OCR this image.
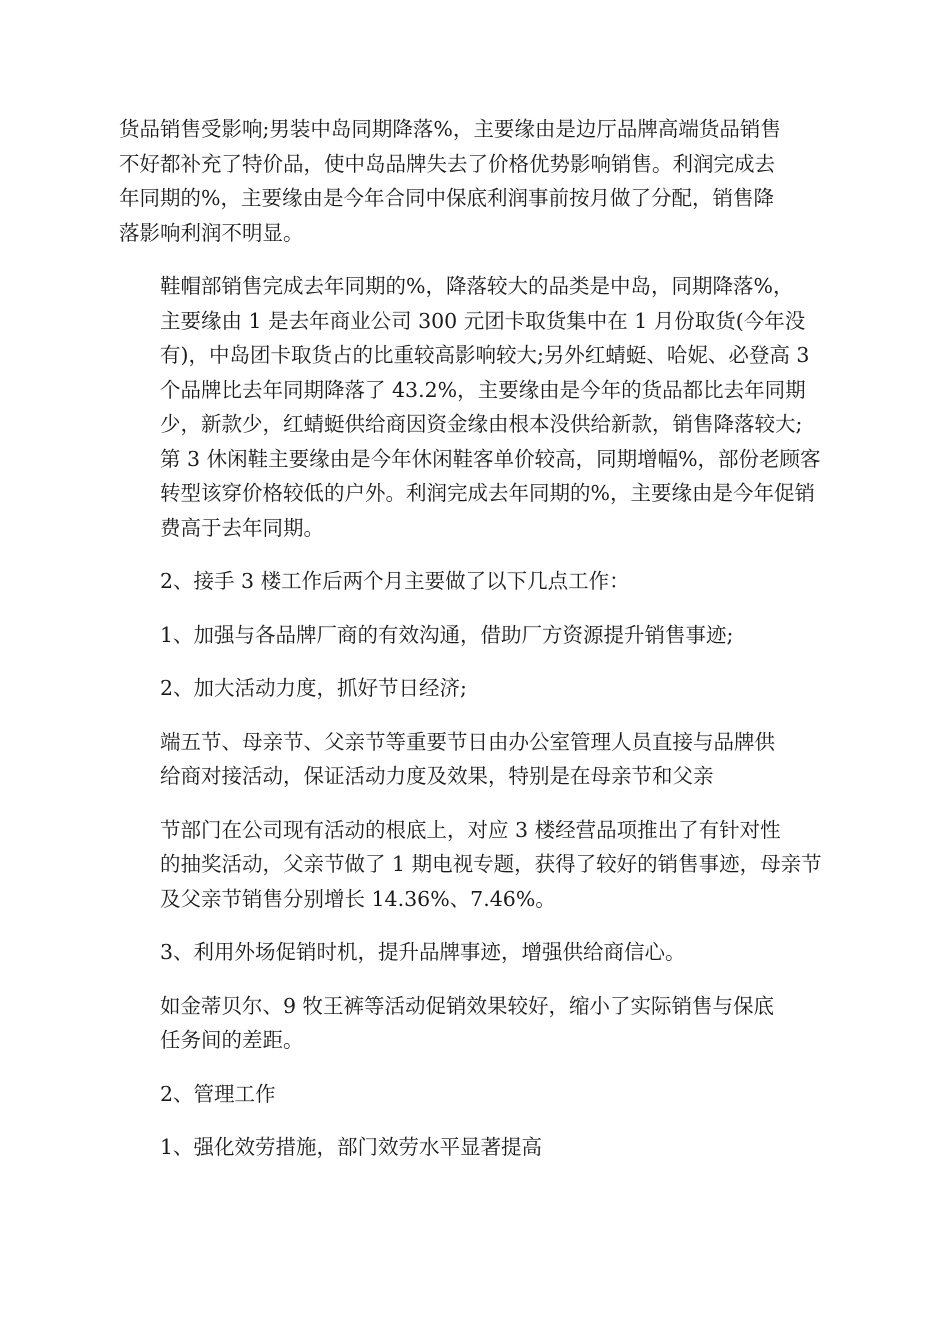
货品销售受影响;男装中岛同期降落%，主要缘由是边厅品牌高端货品销售
不好都补充了特价品，使中岛品牌失去了价格优势影响销售。利润完成去
年同期的%，主要缘由是今年合同中保底利润事前按月做了分配，销售降
落影响利润不明显。

鞋帽部销售完成去年同期的%，降落较大的品类是中岛，同期降落%，
主要缘由 1 是去年商业公司 300 元团卡取货集中在 1 月份取货(今年没
有)，中岛团卡取货占的比重较高影响较大;另外红蜻蜓、哈妮、必登高 3
个品牌比去年同期降落了 43.2%，主要缘由是今年的货品都比去年同期
少，新款少，红蜻蜓供给商因资金缘由根本没供给新款，销售降落较大;
第 3 休闲鞋主要缘由是今年休闲鞋客单价较高，同期增幅%，部份老顾客
转型该穿价格较低的户外。利润完成去年同期的%，主要缘由是今年促销
费高于去年同期。

2、接手 3 楼工作后两个月主要做了以下几点工作：

1、加强与各品牌厂商的有效沟通，借助厂方资源提升销售事迹;

2、加大活动力度，抓好节日经济;

端五节、母亲节、父亲节等重要节日由办公室管理人员直接与品牌供
给商对接活动，保证活动力度及效果，特别是在母亲节和父亲

节部门在公司现有活动的根底上，对应 3 楼经营品项推出了有针对性
的抽奖活动，父亲节做了 1 期电视专题，获得了较好的销售事迹，母亲节
及父亲节销售分别增长 14.36%、7.46%。

3、利用外场促销时机，提升品牌事迹，增强供给商信心。

如金蒂贝尔、9 牧王裤等活动促销效果较好，缩小了实际销售与保底
任务间的差距。

2、管理工作

1、强化效劳措施，部门效劳水平显著提高
